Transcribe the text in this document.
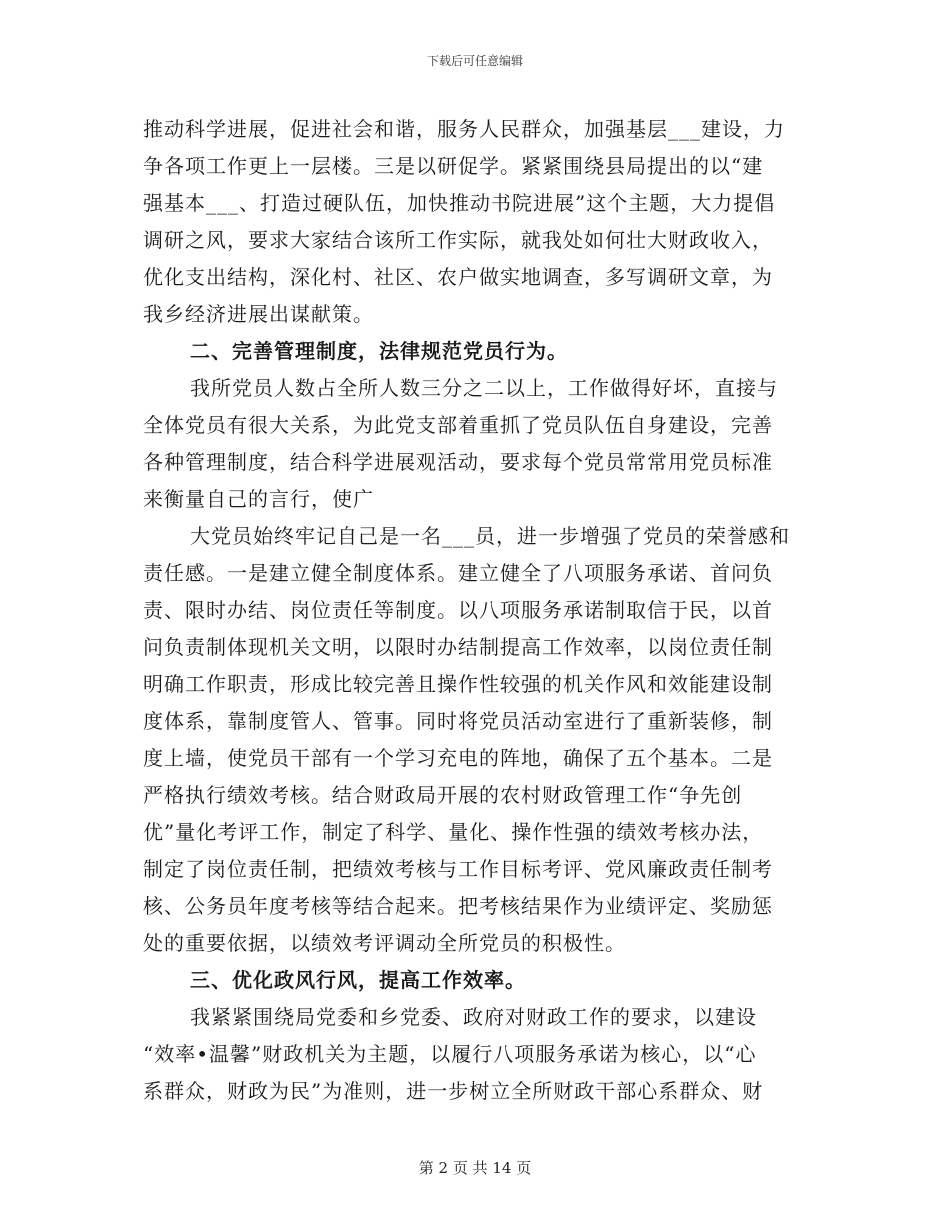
下载后可任意编辑
推动科学进展，促进社会和谐，服务人民群众，加强基层___建设，力
争各项工作更上一层楼。三是以研促学。紧紧围绕县局提出的以“建
强基本___、打造过硬队伍，加快推动书院进展”这个主题，大力提倡
调研之风，要求大家结合该所工作实际，就我处如何壮大财政收入，
优化支出结构，深化村、社区、农户做实地调查，多写调研文章，为
我乡经济进展出谋献策。
二、完善管理制度，法律规范党员行为。
我所党员人数占全所人数三分之二以上，工作做得好坏，直接与
全体党员有很大关系，为此党支部着重抓了党员队伍自身建设，完善
各种管理制度，结合科学进展观活动，要求每个党员常常用党员标准
来衡量自己的言行，使广
大党员始终牢记自己是一名___员，进一步增强了党员的荣誉感和
责任感。一是建立健全制度体系。建立健全了八项服务承诺、首问负
责、限时办结、岗位责任等制度。以八项服务承诺制取信于民，以首
问负责制体现机关文明，以限时办结制提高工作效率，以岗位责任制
明确工作职责，形成比较完善且操作性较强的机关作风和效能建设制
度体系，靠制度管人、管事。同时将党员活动室进行了重新装修，制
度上墙，使党员干部有一个学习充电的阵地，确保了五个基本。二是
严格执行绩效考核。结合财政局开展的农村财政管理工作“争先创
优”量化考评工作，制定了科学、量化、操作性强的绩效考核办法，
制定了岗位责任制，把绩效考核与工作目标考评、党风廉政责任制考
核、公务员年度考核等结合起来。把考核结果作为业绩评定、奖励惩
处的重要依据，以绩效考评调动全所党员的积极性。
三、优化政风行风，提高工作效率。
我紧紧围绕局党委和乡党委、政府对财政工作的要求，以建设
“效率•温馨”财政机关为主题，以履行八项服务承诺为核心，以“心
系群众，财政为民”为准则，进一步树立全所财政干部心系群众、财
第 2 页 共 14 页
